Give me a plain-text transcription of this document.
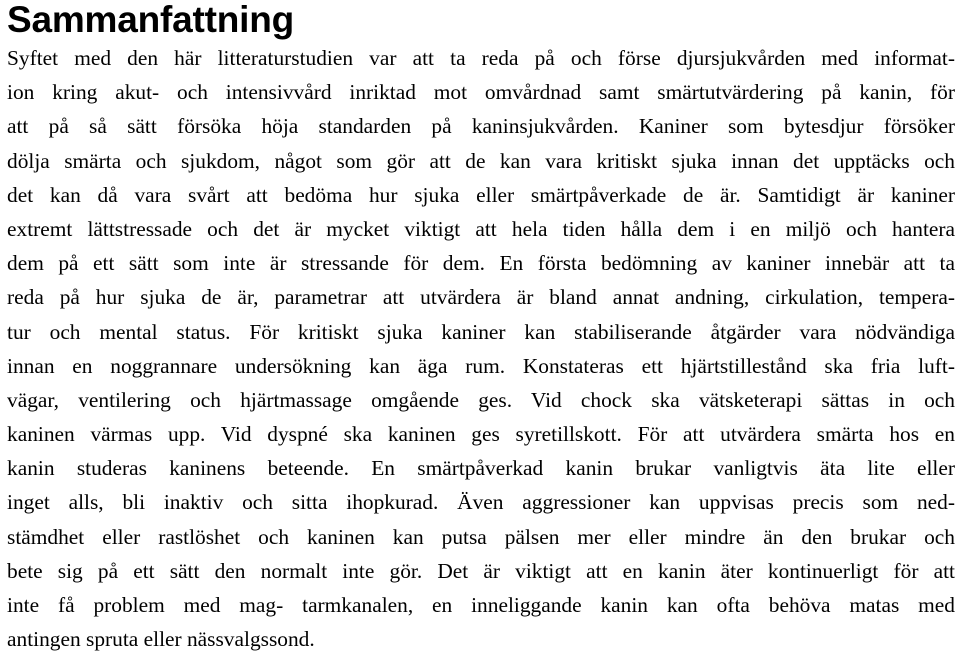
Sammanfattning
Syftet med den här litteraturstudien var att ta reda på och förse djursjukvården med informat-
ion kring akut- och intensivvård inriktad mot omvårdnad samt smärtutvärdering på kanin, för
att på så sätt försöka höja standarden på kaninsjukvården. Kaniner som bytesdjur försöker
dölja smärta och sjukdom, något som gör att de kan vara kritiskt sjuka innan det upptäcks och
det kan då vara svårt att bedöma hur sjuka eller smärtpåverkade de är. Samtidigt är kaniner
extremt lättstressade och det är mycket viktigt att hela tiden hålla dem i en miljö och hantera
dem på ett sätt som inte är stressande för dem. En första bedömning av kaniner innebär att ta
reda på hur sjuka de är, parametrar att utvärdera är bland annat andning, cirkulation, tempera-
tur och mental status. För kritiskt sjuka kaniner kan stabiliserande åtgärder vara nödvändiga
innan en noggrannare undersökning kan äga rum. Konstateras ett hjärtstillestånd ska fria luft-
vägar, ventilering och hjärtmassage omgående ges. Vid chock ska vätsketerapi sättas in och
kaninen värmas upp. Vid dyspné ska kaninen ges syretillskott. För att utvärdera smärta hos en
kanin studeras kaninens beteende. En smärtpåverkad kanin brukar vanligtvis äta lite eller
inget alls, bli inaktiv och sitta ihopkurad. Även aggressioner kan uppvisas precis som ned-
stämdhet eller rastlöshet och kaninen kan putsa pälsen mer eller mindre än den brukar och
bete sig på ett sätt den normalt inte gör. Det är viktigt att en kanin äter kontinuerligt för att
inte få problem med mag- tarmkanalen, en inneliggande kanin kan ofta behöva matas med
antingen spruta eller nässvalgssond.
